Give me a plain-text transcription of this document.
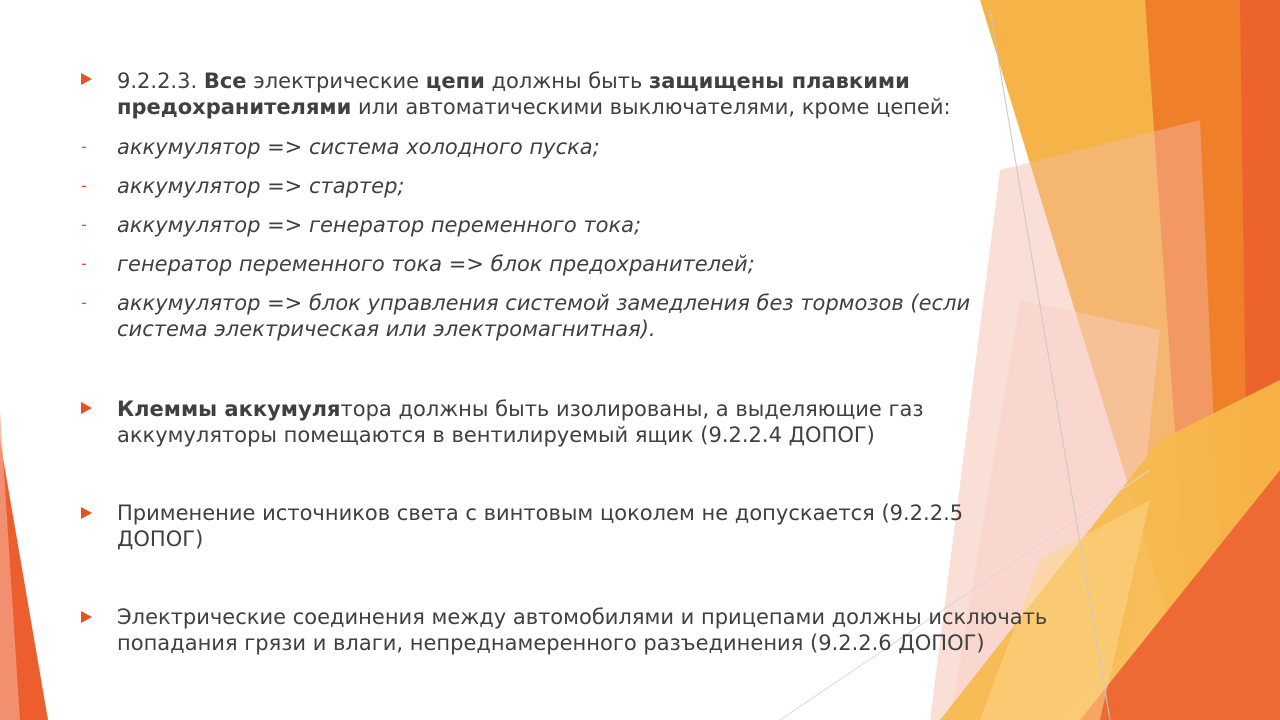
9.2.2.3. Все электрические цепи должны быть защищены плавкими
предохранителями или автоматическими выключателями, кроме цепей:
- аккумулятор => система холодного пуска;
- аккумулятор => стартер;
- аккумулятор => генератор переменного тока;
- генератор переменного тока => блок предохранителей;
- аккумулятор => блок управления системой замедления без тормозов (если
система электрическая или электромагнитная).
Клеммы аккумулятора должны быть изолированы, а выделяющие газ
аккумуляторы помещаются в вентилируемый ящик (9.2.2.4 ДОПОГ)
Применение источников света с винтовым цоколем не допускается (9.2.2.5
ДОПОГ)
Электрические соединения между автомобилями и прицепами должны исключать
попадания грязи и влаги, непреднамеренного разъединения (9.2.2.6 ДОПОГ)
